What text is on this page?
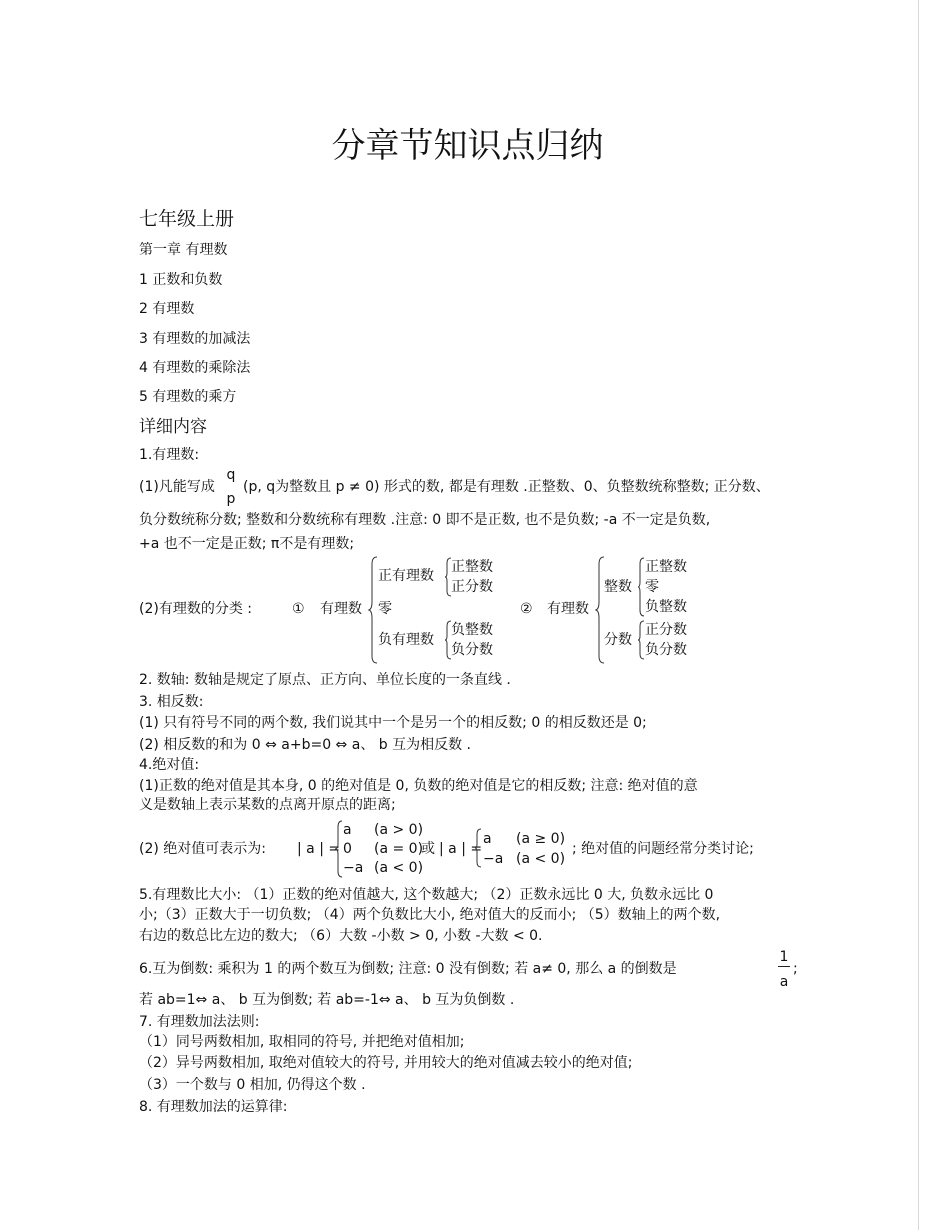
分章节知识点归纳
七年级上册
第一章 有理数
1 正数和负数
2 有理数
3 有理数的加减法
4 有理数的乘除法
5 有理数的乘方
详细内容
1.有理数:
(1)凡能写成
q
p
(p, q为整数且 p ≠ 0) 形式的数, 都是有理数 .正整数、0、负整数统称整数; 正分数、
负分数统称分数; 整数和分数统称有理数 .注意: 0 即不是正数, 也不是负数; -a 不一定是负数,
+a 也不一定是正数; π不是有理数;
(2)有理数的分类 :	① 有理数
正有理数
正整数
正分数
零
负有理数
负整数
负分数
② 有理数
整数
正整数
零
负整数
分数
正分数
负分数
2. 数轴: 数轴是规定了原点、正方向、单位长度的一条直线 .
3. 相反数:
(1) 只有符号不同的两个数, 我们说其中一个是另一个的相反数; 0 的相反数还是 0;
(2) 相反数的和为 0 ⇔ a+b=0 ⇔ a、 b 互为相反数 .
4.绝对值:
(1)正数的绝对值是其本身, 0 的绝对值是 0, 负数的绝对值是它的相反数; 注意: 绝对值的意
义是数轴上表示某数的点离开原点的距离;
(2) 绝对值可表示为: | a | =
a
0
−a
(a > 0)
(a = 0)
(a < 0)
或 | a | =
a
−a
(a ≥ 0)
(a < 0)
; 绝对值的问题经常分类讨论;
5.有理数比大小: （1）正数的绝对值越大, 这个数越大; （2）正数永远比 0 大, 负数永远比 0
小;（3）正数大于一切负数; （4）两个负数比大小, 绝对值大的反而小; （5）数轴上的两个数,
右边的数总比左边的数大; （6）大数 -小数 > 0, 小数 -大数 < 0.
6.互为倒数: 乘积为 1 的两个数互为倒数; 注意: 0 没有倒数; 若 a≠ 0, 那么 a 的倒数是	$\frac{1}{a}$ ;
若 ab=1⇔ a、 b 互为倒数; 若 ab=-1⇔ a、 b 互为负倒数 .
7. 有理数加法法则:
（1）同号两数相加, 取相同的符号, 并把绝对值相加;
（2）异号两数相加, 取绝对值较大的符号, 并用较大的绝对值减去较小的绝对值;
（3）一个数与 0 相加, 仍得这个数 .
8. 有理数加法的运算律:
